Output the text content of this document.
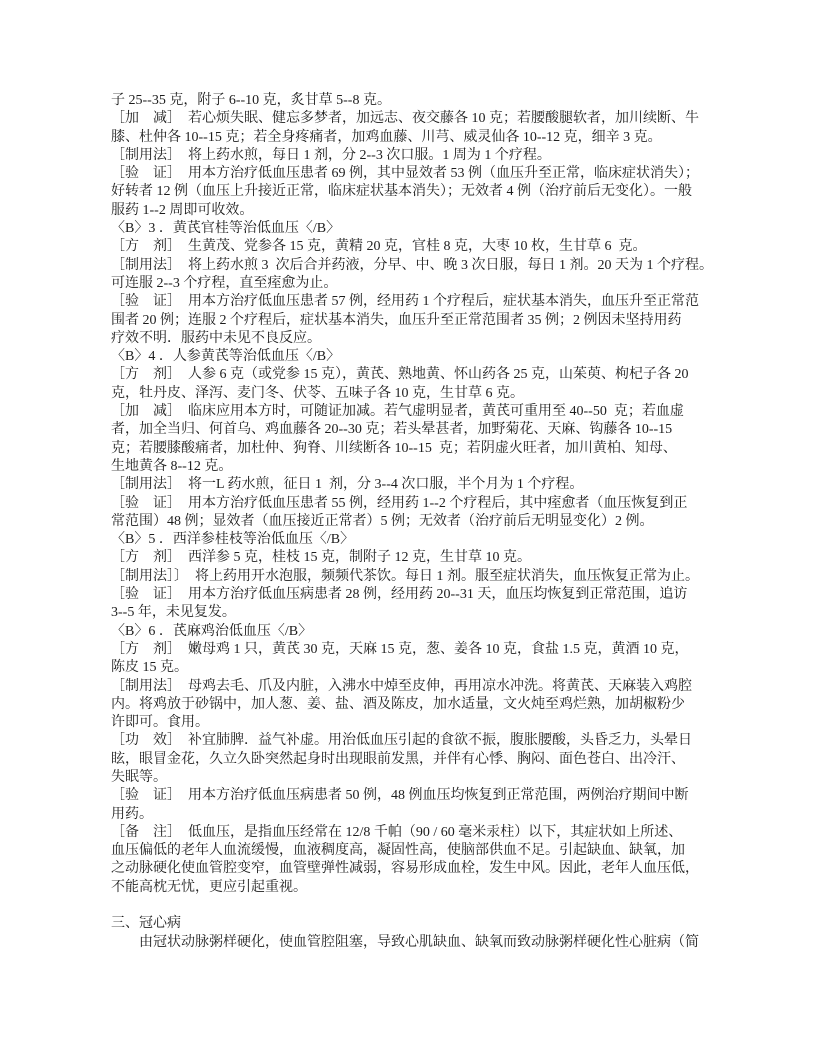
子 25--35 克，附子 6--10 克，炙甘草 5--8 克。
［加　减］　若心烦失眠、健忘多梦者，加远志、夜交藤各 10 克；若腰酸腿软者，加川续断、牛
膝、杜仲各 10--15 克；若全身疼痛者，加鸡血藤、川芎、威灵仙各 10--12 克，细辛 3 克。
［制用法］　将上药水煎，每日 1 剂，分 2--3 次口服。1 周为 1 个疗程。
［验　证］　用本方治疗低血压患者 69 例，其中显效者 53 例（血压升至正常，临床症状消失）；
好转者 12 例（血压上升接近正常，临床症状基本消失）；无效者 4 例（治疗前后无变化）。一般
服药 1--2 周即可收效。
〈B〉3 ．黄芪官桂等治低血压〈/B〉
［方　剂］　生黄茂、党参各 15 克，黄精 20 克，官桂 8 克，大枣 10 枚，生甘草 6  克。
［制用法］　将上药水煎 3  次后合并药液，分早、中、晚 3 次日服，每日 1 剂。20 天为 1 个疗程。
可连服 2--3 个疗程，直至痓愈为止。
［验　证］　用本方治疗低血压患者 57 例，经用药 1 个疗程后，症状基本消失，血压升至正常范
围者 20 例；连服 2 个疗程后，症状基本消失，血压升至正常范围者 35 例；2 例因未坚持用药
疗效不明．服药中未见不良反应。
〈B〉4 ．人参黄芪等治低血压〈/B〉
［方　剂］　人参 6 克（或党参 15 克），黄芪、熟地黄、怀山药各 25 克，山茱萸、枸杞子各 20
克，牡丹皮、泽泻、麦门冬、伏苓、五味子各 10 克，生甘草 6 克。
［加　减］　临床应用本方时，可随证加减。若气虚明显者，黄芪可重用至 40--50  克；若血虚
者，加全当归、何首乌、鸡血藤各 20--30 克；若头晕甚者，加野菊花、天麻、钩藤各 10--15
克；若腰膝酸痛者，加杜仲、狗脊、川续断各 10--15  克；若阴虚火旺者，加川黄柏、知母、
生地黄各 8--12 克。
［制用法］　将一L 药水煎，征日 1  剂，分 3--4 次口服，半个月为 1 个疗程。
［验　证］　用本方治疗低血压患者 55 例，经用药 1--2 个疗程后，其中痓愈者（血压恢复到正
常范围）48 例；显效者（血压接近正常者）5 例；无效者（治疗前后无明显变化）2 例。
〈B〉5 ．西洋参桂枝等治低血压〈/B〉
［方　剂］　西洋参 5 克，桂枝 15 克，制附子 12 克，生甘草 10 克。
［制用法］〕　将上药用开水泡服，频频代茶饮。每日 1 剂。服至症状消失，血压恢复正常为止。
［验　证］　用本方治疗低血压病患者 28 例，经用药 20--31 天，血压均恢复到正常范围，追访
3--5 年，未见复发。
〈B〉6 ．芪麻鸡治低血压〈/B〉
［方　剂］　嫩母鸡 1 只，黄芪 30 克，天麻 15 克，葱、姜各 10 克，食盐 1.5 克，黄酒 10 克，
陈皮 15 克。
［制用法］　母鸡去毛、爪及内脏，入沸水中焯至皮伸，再用凉水冲洗。将黄芪、天麻装入鸡腔
内。将鸡放于砂锅中，加人葱、姜、盐、酒及陈皮，加水适量，文火炖至鸡烂熟，加胡椒粉少
许即可。食用。
［功　效］　补宜肺脾．益气补虚。用治低血压引起的食欲不振，腹胀腰酸，头昏乏力，头晕日
眩，眼冒金花，久立久卧突然起身时出现眼前发黑，并伴有心悸、胸闷、面色苍白、出冷汗、
失眠等。
［验　证］　用本方治疗低血压病患者 50 例，48 例血压均恢复到正常范围，两例治疗期间中断
用药。
［备　注］　低血压，是指血压经常在 12/8 千帕（90 / 60 毫米汞柱）以下，其症状如上所述、
血压偏低的老年人血流缓慢，血液稠度高，凝固性高，使脑部供血不足。引起缺血、缺氧，加
之动脉硬化使血管腔变窄，血管壁弹性减弱，容易形成血栓，发生中风。因此，老年人血压低，
不能高枕无忧，更应引起重视。
三、冠心病
　　由冠状动脉粥样硬化，使血管腔阻塞，导致心肌缺血、缺氧而致动脉粥样硬化性心脏病（简
